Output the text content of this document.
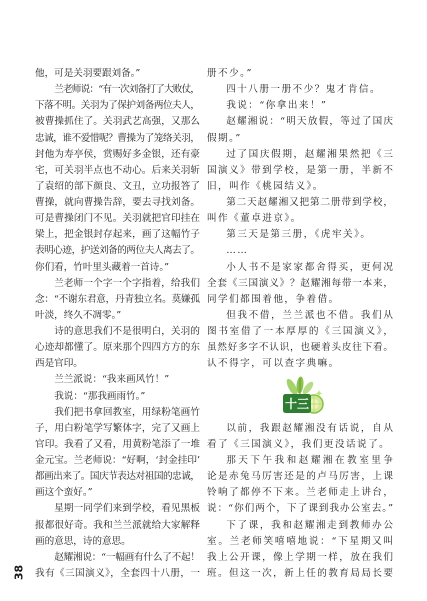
他，可是关羽要跟刘备。”
兰老师说：“有一次刘备打了大败仗，
下落不明。关羽为了保护刘备两位夫人，
被曹操抓住了。关羽武艺高强，又那么
忠诚，谁不爱惜呢？曹操为了笼络关羽，
封他为寿亭侯，赏赐好多金银，还有豪
宅，可关羽半点也不动心。后来关羽斩
了袁绍的部下颜良、文丑，立功报答了
曹操，就向曹操告辞，要去寻找刘备。
可是曹操闭门不见。关羽就把官印挂在
梁上，把金银封存起来，画了这幅竹子
表明心迹，护送刘备的两位夫人离去了。
你们看，竹叶里头藏着一首诗。”
兰老师一个字一个字指着，给我们
念：“不谢东君意，丹青独立名。莫嫌孤
叶淡，终久不凋零。”
诗的意思我们不是很明白，关羽的
心迹却都懂了。原来那个四四方方的东
西是官印。
兰兰派说：“我来画风竹！”
我说：“那我画雨竹。”
我们把书拿回教室，用绿粉笔画竹
子，用白粉笔学写繁体字，完了又画上
官印。我看了又看，用黄粉笔添了一堆
金元宝。兰老师说：“好啊，‘封金挂印’
都画出来了。国庆节表达对祖国的忠诚，
画这个蛮好。”
星期一同学们来到学校，看见黑板
报都很好奇。我和兰兰派就给大家解释
画的意思，诗的意思。
赵耀湘说：“一幅画有什么了不起！
我有《三国演义》，全套四十八册，一
册不少。”
四十八册一册不少？鬼才肯信。
我说：“你拿出来！”
赵耀湘说：“明天放假，等过了国庆
假期。”
过了国庆假期，赵耀湘果然把《三
国演义》带到学校，是第一册，半新不
旧，叫作《桃园结义》。
第二天赵耀湘又把第二册带到学校，
叫作《董卓进京》。
第三天是第三册，《虎牢关》。
……
小人书不是家家都舍得买，更何况
全套《三国演义》？赵耀湘每带一本来，
同学们都围着他，争着借。
但我不借，兰兰派也不借。我们从
图书室借了一本厚厚的《三国演义》，
虽然好多字不认识，也硬着头皮往下看。
认不得字，可以查字典嘛。
十三
以前，我跟赵耀湘没有话说，自从
看了《三国演义》，我们更没话说了。
那天下午我和赵耀湘在教室里争
论是赤兔马厉害还是的卢马厉害，上课
铃响了都停不下来。兰老师走上讲台，
说：“你们两个，下了课到我办公室去。”
下了课，我和赵耀湘走到教师办公
室。兰老师笑嘻嘻地说：“下星期又叫
我上公开课，像上学期一样，放在我们
班。但这一次，新上任的教育局局长要
38
